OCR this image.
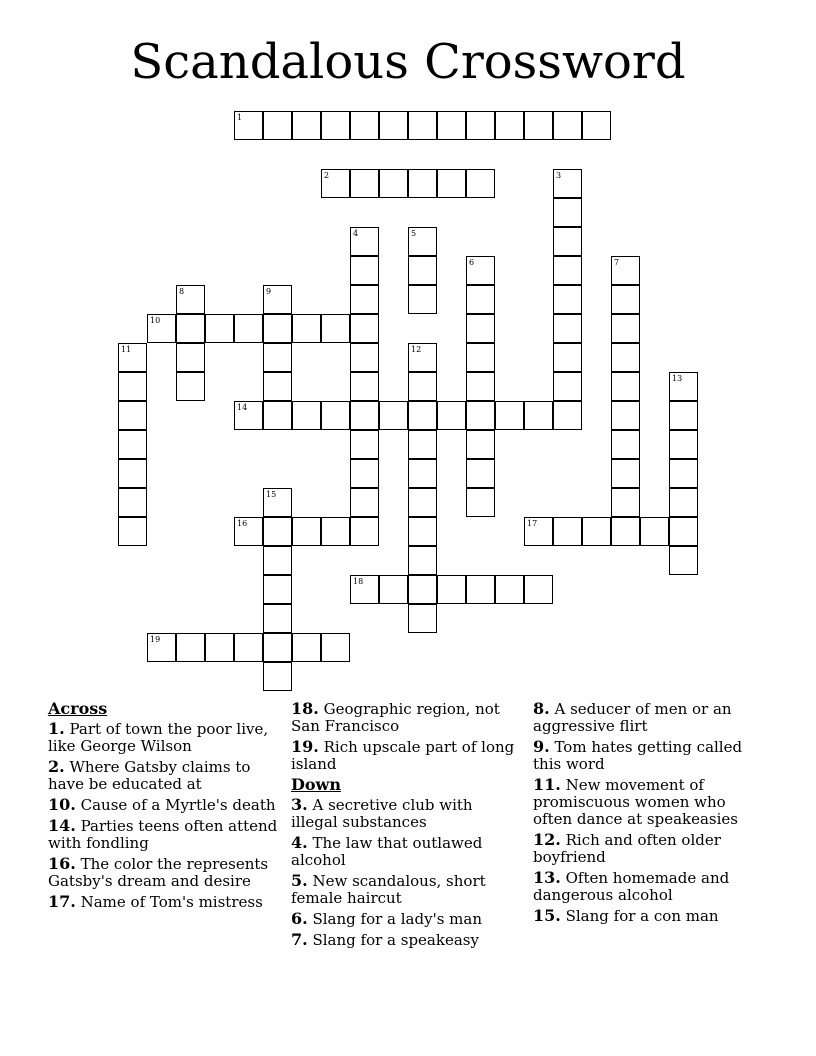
Scandalous Crossword
1
2
10
14
16	17
18
19
3
4	5
6	7
8	9
11	12
13
15
Across
1. Part of town the poor live, like George Wilson
2. Where Gatsby claims to have be educated at
10. Cause of a Myrtle's death
14. Parties teens often attend with fondling
16. The color the represents Gatsby's dream and desire
17. Name of Tom's mistress
18. Geographic region, not San Francisco
19. Rich upscale part of long island
Down
3. A secretive club with illegal substances
4. The law that outlawed alcohol
5. New scandalous, short female haircut
6. Slang for a lady's man
7. Slang for a speakeasy
8. A seducer of men or an aggressive flirt
9. Tom hates getting called this word
11. New movement of promiscuous women who often dance at speakeasies
12. Rich and often older boyfriend
13. Often homemade and dangerous alcohol
15. Slang for a con man
